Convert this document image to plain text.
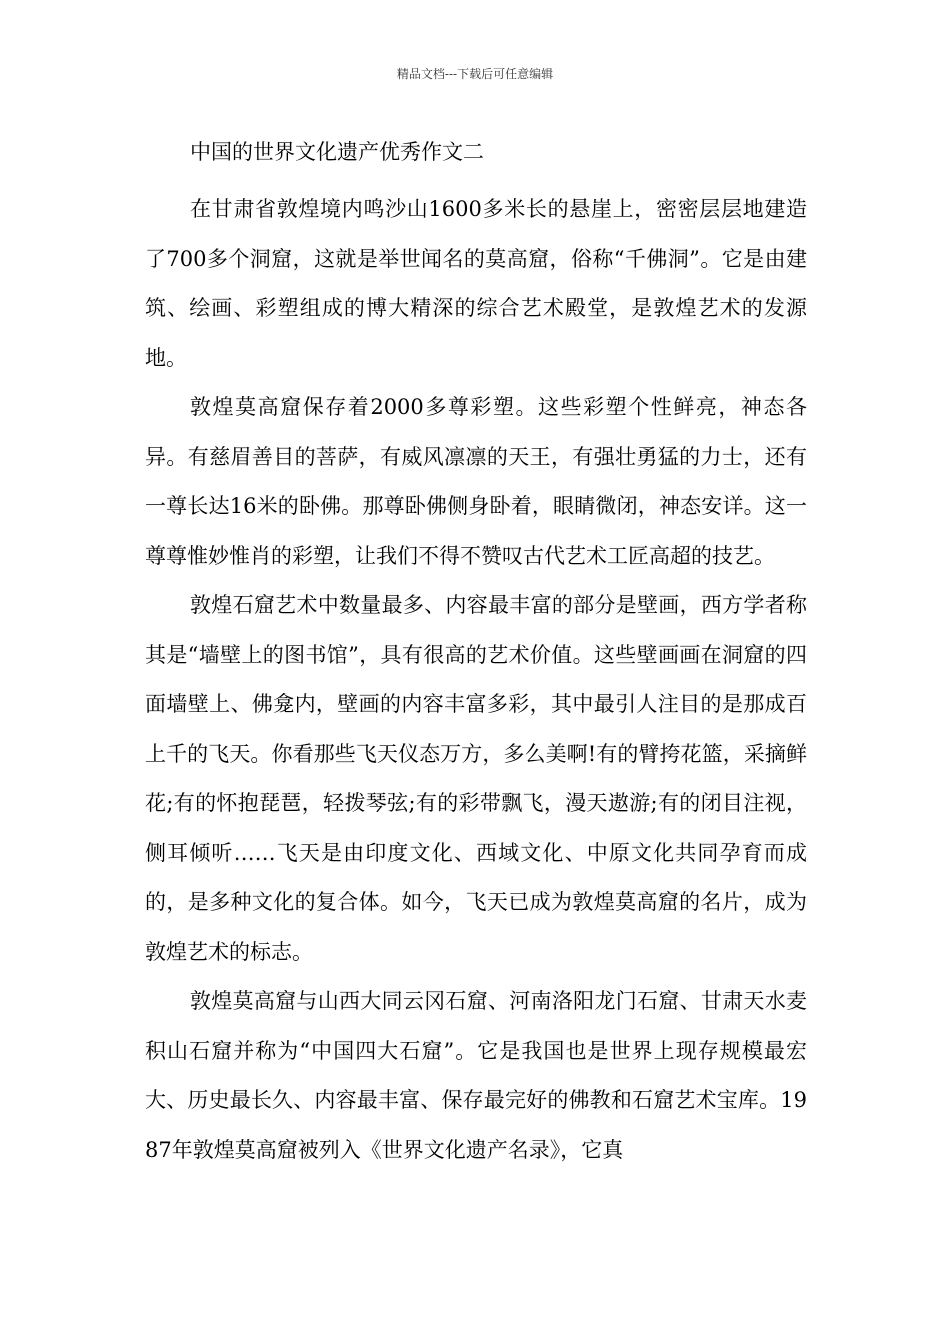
精品文档---下载后可任意编辑
中国的世界文化遗产优秀作文二

在甘肃省敦煌境内鸣沙山1600多米长的悬崖上，密密层层地建造了700多个洞窟，这就是举世闻名的莫高窟，俗称“千佛洞”。它是由建筑、绘画、彩塑组成的博大精深的综合艺术殿堂，是敦煌艺术的发源地。

敦煌莫高窟保存着2000多尊彩塑。这些彩塑个性鲜亮，神态各异。有慈眉善目的菩萨，有威风凛凛的天王，有强壮勇猛的力士，还有一尊长达16米的卧佛。那尊卧佛侧身卧着，眼睛微闭，神态安详。这一尊尊惟妙惟肖的彩塑，让我们不得不赞叹古代艺术工匠高超的技艺。

敦煌石窟艺术中数量最多、内容最丰富的部分是壁画，西方学者称其是“墙壁上的图书馆”，具有很高的艺术价值。这些壁画画在洞窟的四面墙壁上、佛龛内，壁画的内容丰富多彩，其中最引人注目的是那成百上千的飞天。你看那些飞天仪态万方，多么美啊!有的臂挎花篮，采摘鲜花;有的怀抱琵琶，轻拨琴弦;有的彩带飘飞，漫天遨游;有的闭目注视，侧耳倾听……飞天是由印度文化、西域文化、中原文化共同孕育而成的，是多种文化的复合体。如今，飞天已成为敦煌莫高窟的名片，成为敦煌艺术的标志。

敦煌莫高窟与山西大同云冈石窟、河南洛阳龙门石窟、甘肃天水麦积山石窟并称为“中国四大石窟”。它是我国也是世界上现存规模最宏大、历史最长久、内容最丰富、保存最完好的佛教和石窟艺术宝库。1987年敦煌莫高窟被列入《世界文化遗产名录》，它真
